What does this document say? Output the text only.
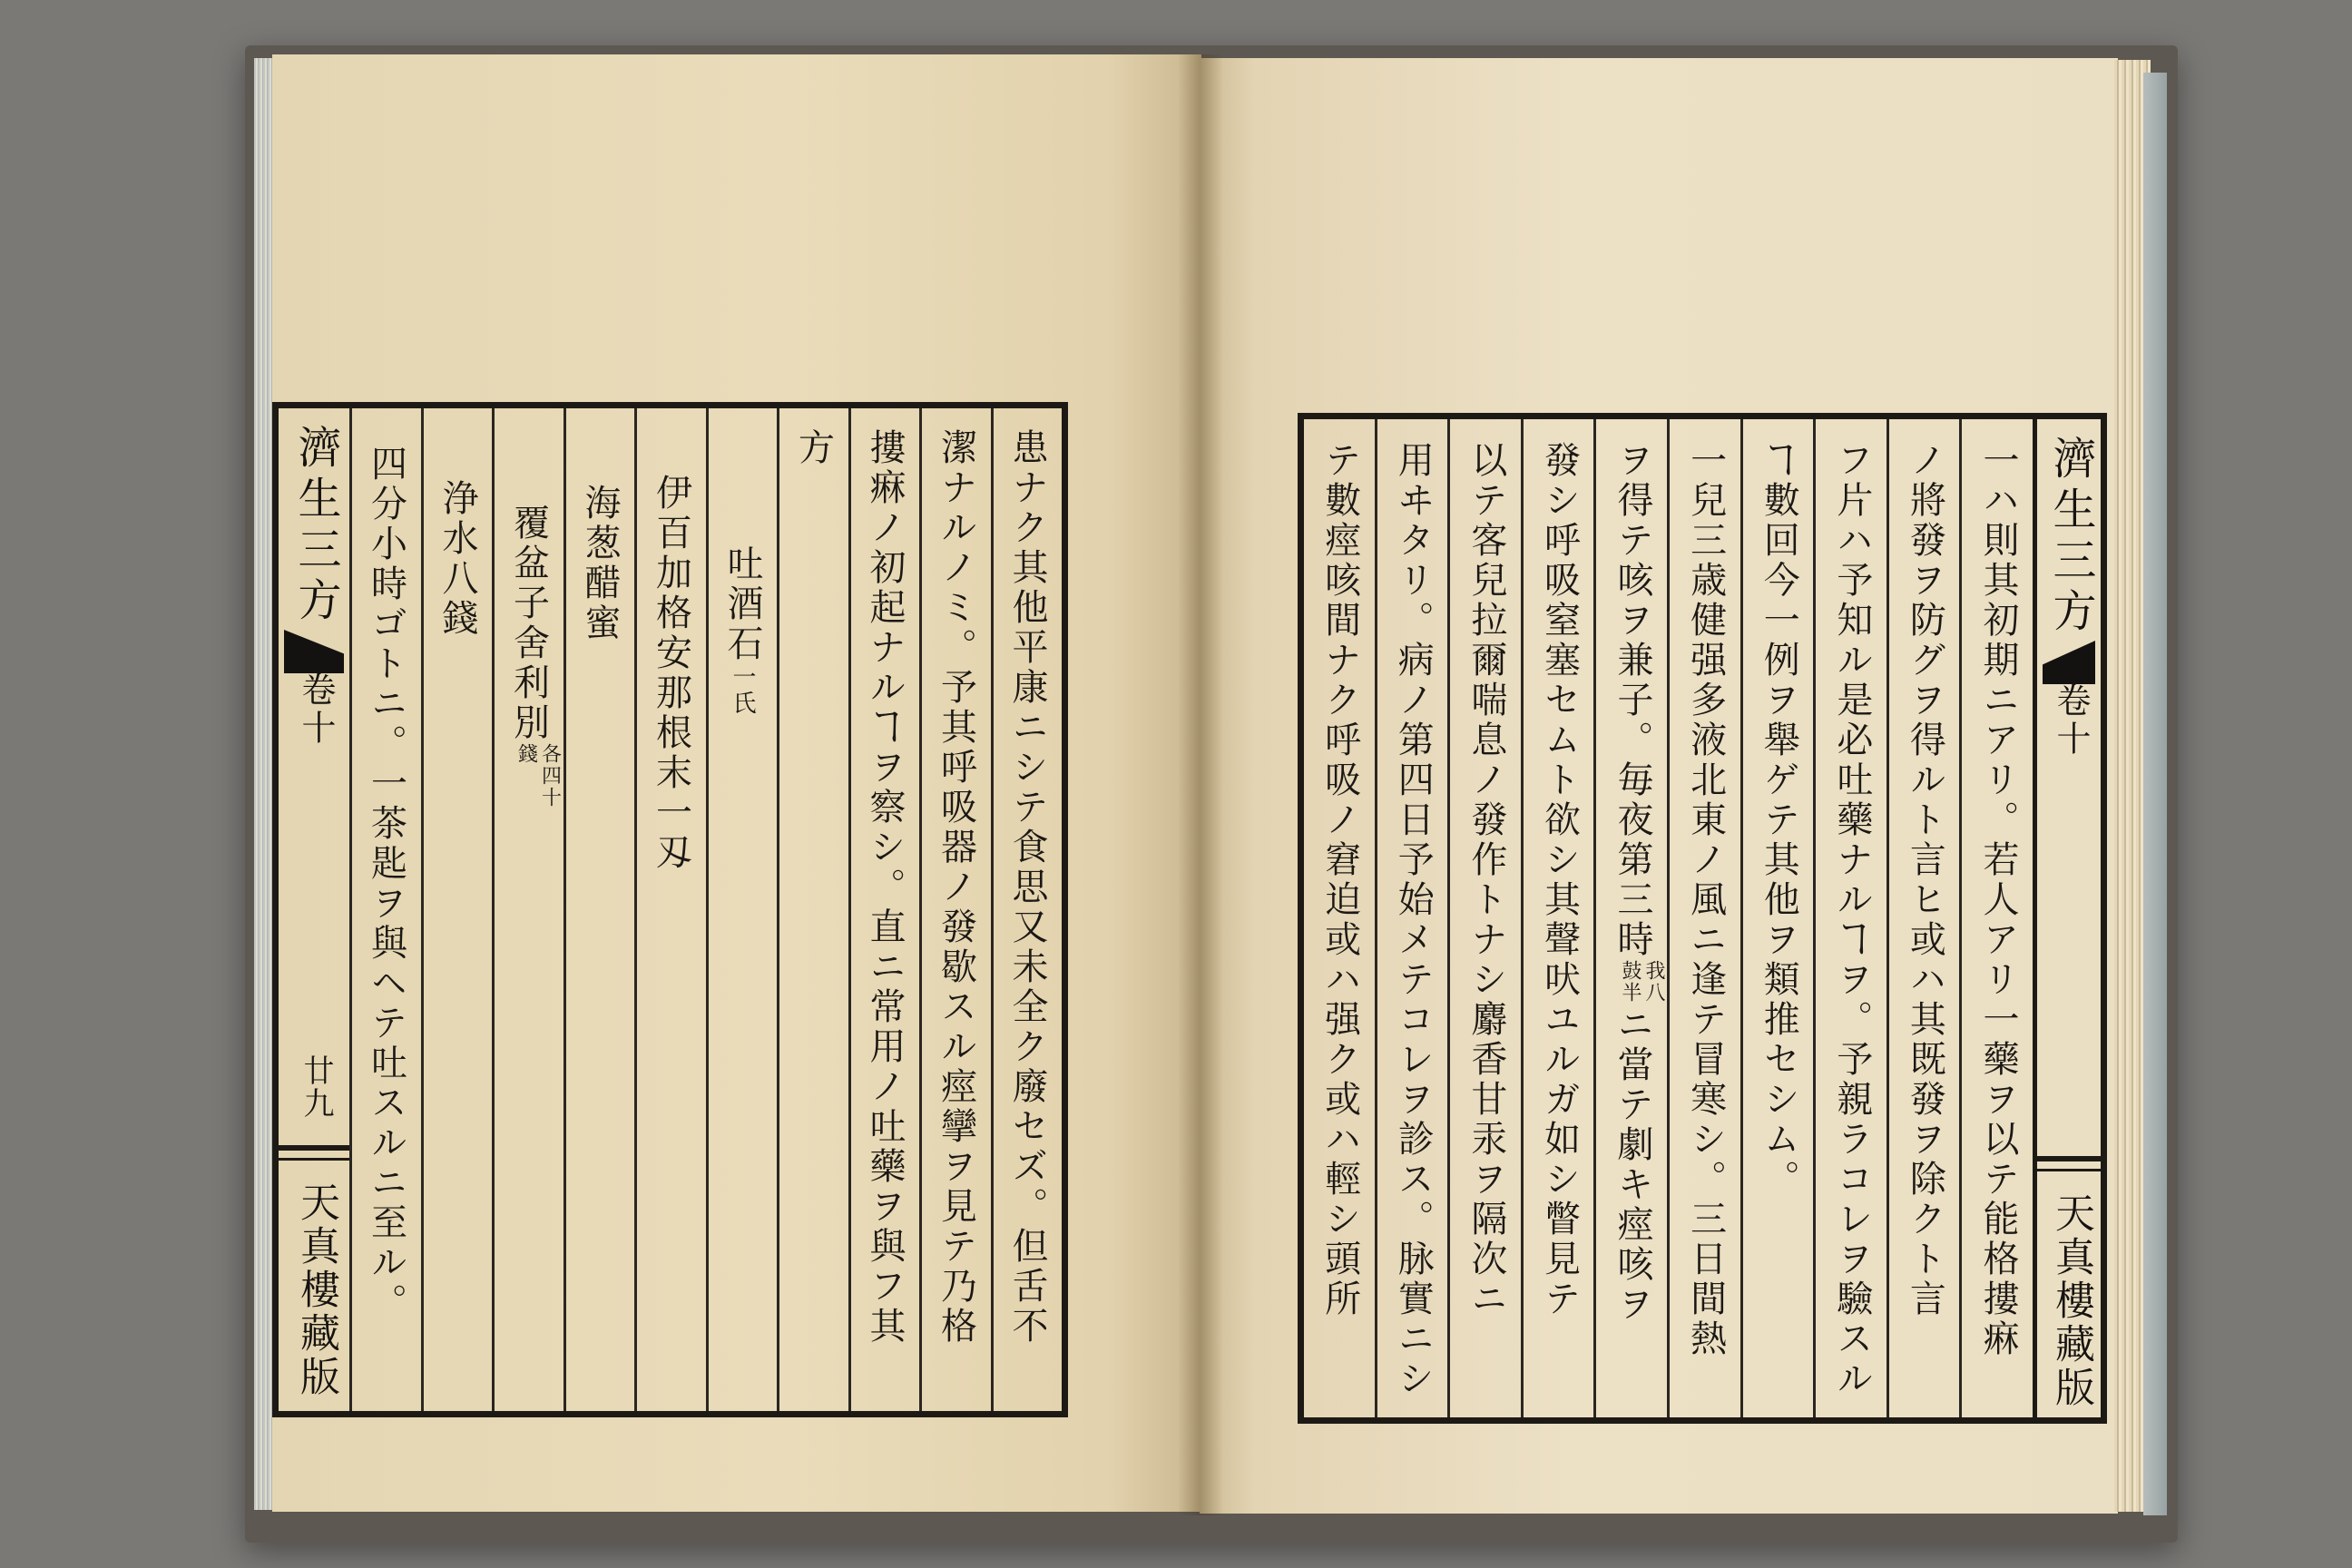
患ナク其他平康ニシテ食思又未全ク廢セズ。但舌不
潔ナルノミ。予其呼吸器ノ發歇スル痙攣ヲ見テ乃格
摟痳ノ初起ナルヿヲ察シ。直ニ常用ノ吐藥ヲ與フ其
方
吐酒石一氏
伊百加格安那根末一刄
海葱醋蜜
覆盆子舍利別各四十錢
浄水八錢
四分小時ゴトニ。一茶匙ヲ與ヘテ吐スルニ至ル。
濟生三方
卷十
廿九
天真樓藏版
濟生三方
卷十
天真樓藏版
一ハ則其初期ニアリ。若人アリ一藥ヲ以テ能格摟痳
ノ將發ヲ防グヲ得ルト言ヒ或ハ其既發ヲ除クト言
フ片ハ予知ル是必吐藥ナルヿヲ。予親ラコレヲ驗スル
ヿ數回今一例ヲ舉ゲテ其他ヲ類推セシム。
一兒三歳健强多液北東ノ風ニ逢テ冒寒シ。三日間熱
ヲ得テ咳ヲ兼子。毎夜第三時我八鼓半ニ當テ劇キ痙咳ヲ
發シ呼吸窒塞セムト欲シ其聲吠ユルガ如シ瞥見テ
以テ客兒拉爾喘息ノ發作トナシ麝香甘汞ヲ隔次ニ
用ヰタリ。病ノ第四日予始メテコレヲ診ス。脉實ニシ
テ數痙咳間ナク呼吸ノ窘迫或ハ强ク或ハ輕シ頭所
